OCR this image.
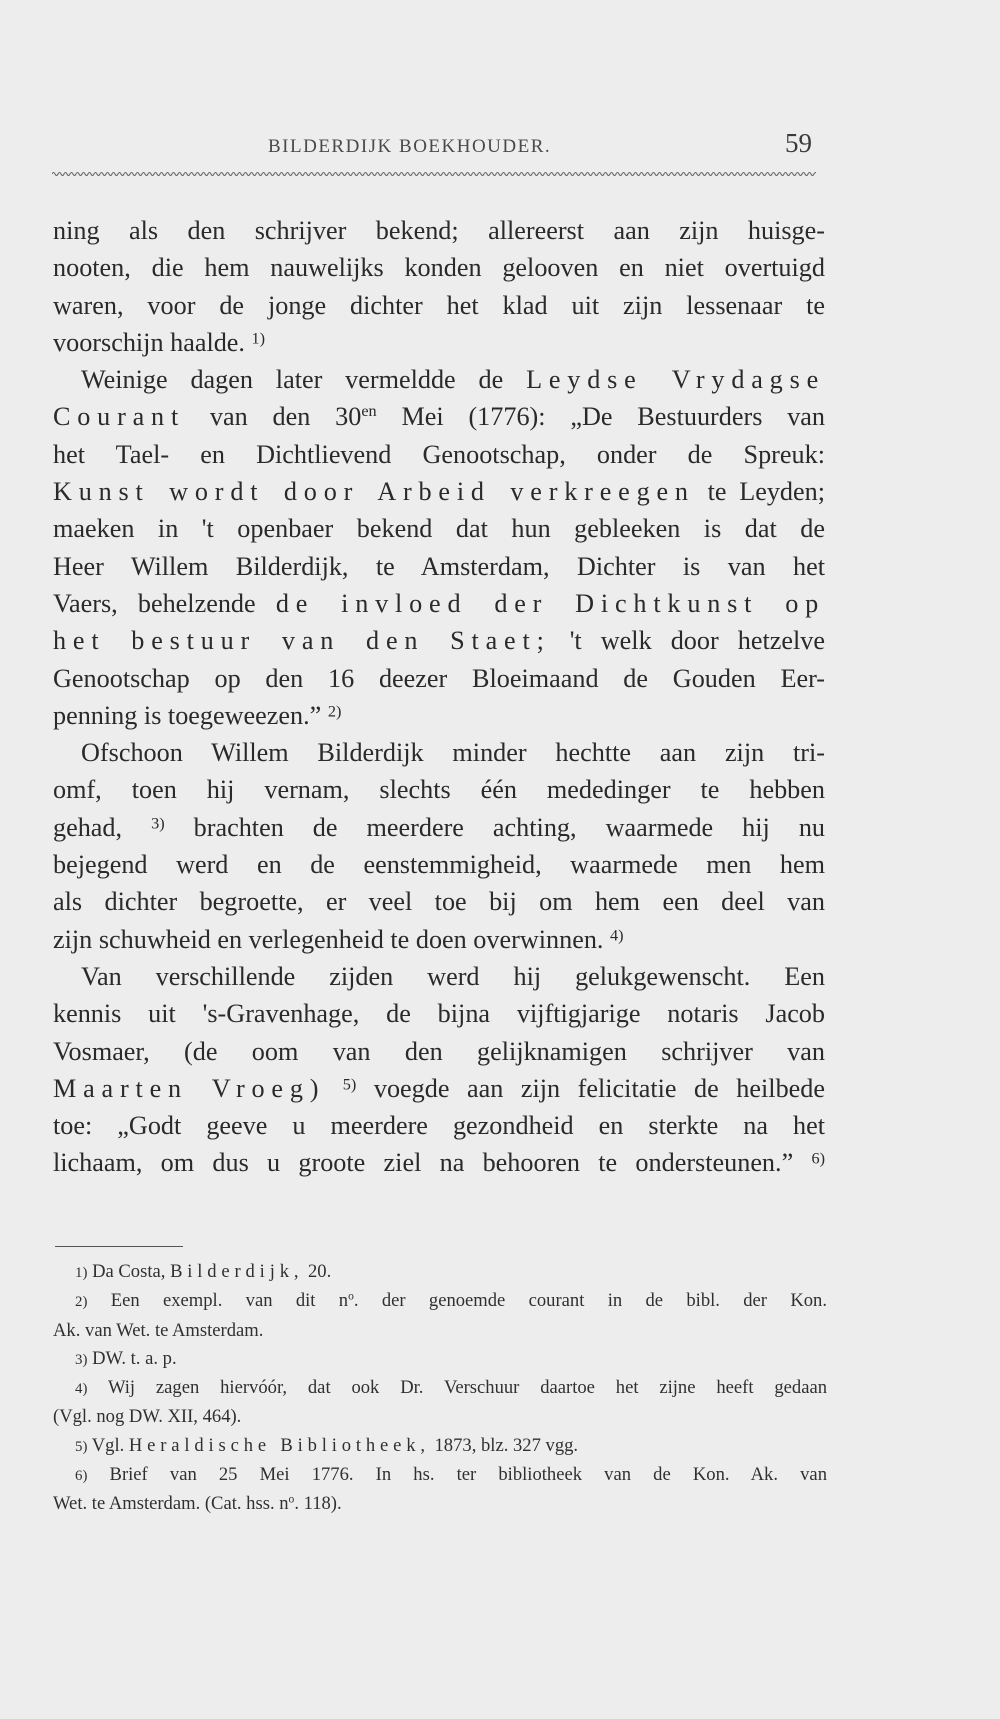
BILDERDIJK BOEKHOUDER.	59
ning als den schrijver bekend; allereerst aan zijn huisge-
nooten, die hem nauwelijks konden gelooven en niet overtuigd
waren, voor de jonge dichter het klad uit zijn lessenaar te
voorschijn haalde. $^{1)}$
Weinige dagen later vermeldde de Leydse Vrydagse
Courant van den $30^{en}$ Mei (1776): „De Bestuurders van
het Tael- en Dichtlievend Genootschap, onder de Spreuk:
Kunst wordt door Arbeid verkreegen te Leyden;
maeken in 't openbaer bekend dat hun gebleeken is dat de
Heer Willem Bilderdijk, te Amsterdam, Dichter is van het
Vaers, behelzende de invloed der Dichtkunst op
het bestuur van den Staet; 't welk door hetzelve
Genootschap op den 16 deezer Bloeimaand de Gouden Eer-
penning is toegeweezen.” $^{2)}$
Ofschoon Willem Bilderdijk minder hechtte aan zijn tri-
omf, toen hij vernam, slechts één mededinger te hebben
gehad, $^{3)}$ brachten de meerdere achting, waarmede hij nu
bejegend werd en de eenstemmigheid, waarmede men hem
als dichter begroette, er veel toe bij om hem een deel van
zijn schuwheid en verlegenheid te doen overwinnen. $^{4)}$
Van verschillende zijden werd hij gelukgewenscht. Een
kennis uit 's-Gravenhage, de bijna vijftigjarige notaris Jacob
Vosmaer, (de oom van den gelijknamigen schrijver van
Maarten Vroeg) $^{5)}$ voegde aan zijn felicitatie de heilbede
toe: „Godt geeve u meerdere gezondheid en sterkte na het
lichaam, om dus u groote ziel na behooren te ondersteunen.” $^{6)}$
1) Da Costa, Bilderdijk, 20.
2) Een exempl. van dit $n^o$. der genoemde courant in de bibl. der Kon.
Ak. van Wet. te Amsterdam.
3) DW. t. a. p.
4) Wij zagen hiervóór, dat ook Dr. Verschuur daartoe het zijne heeft gedaan
(Vgl. nog DW. XII, 464).
5) Vgl. Heraldische Bibliotheek, 1873, blz. 327 vgg.
6) Brief van 25 Mei 1776. In hs. ter bibliotheek van de Kon. Ak. van
Wet. te Amsterdam. (Cat. hss. $n^o$. 118).
